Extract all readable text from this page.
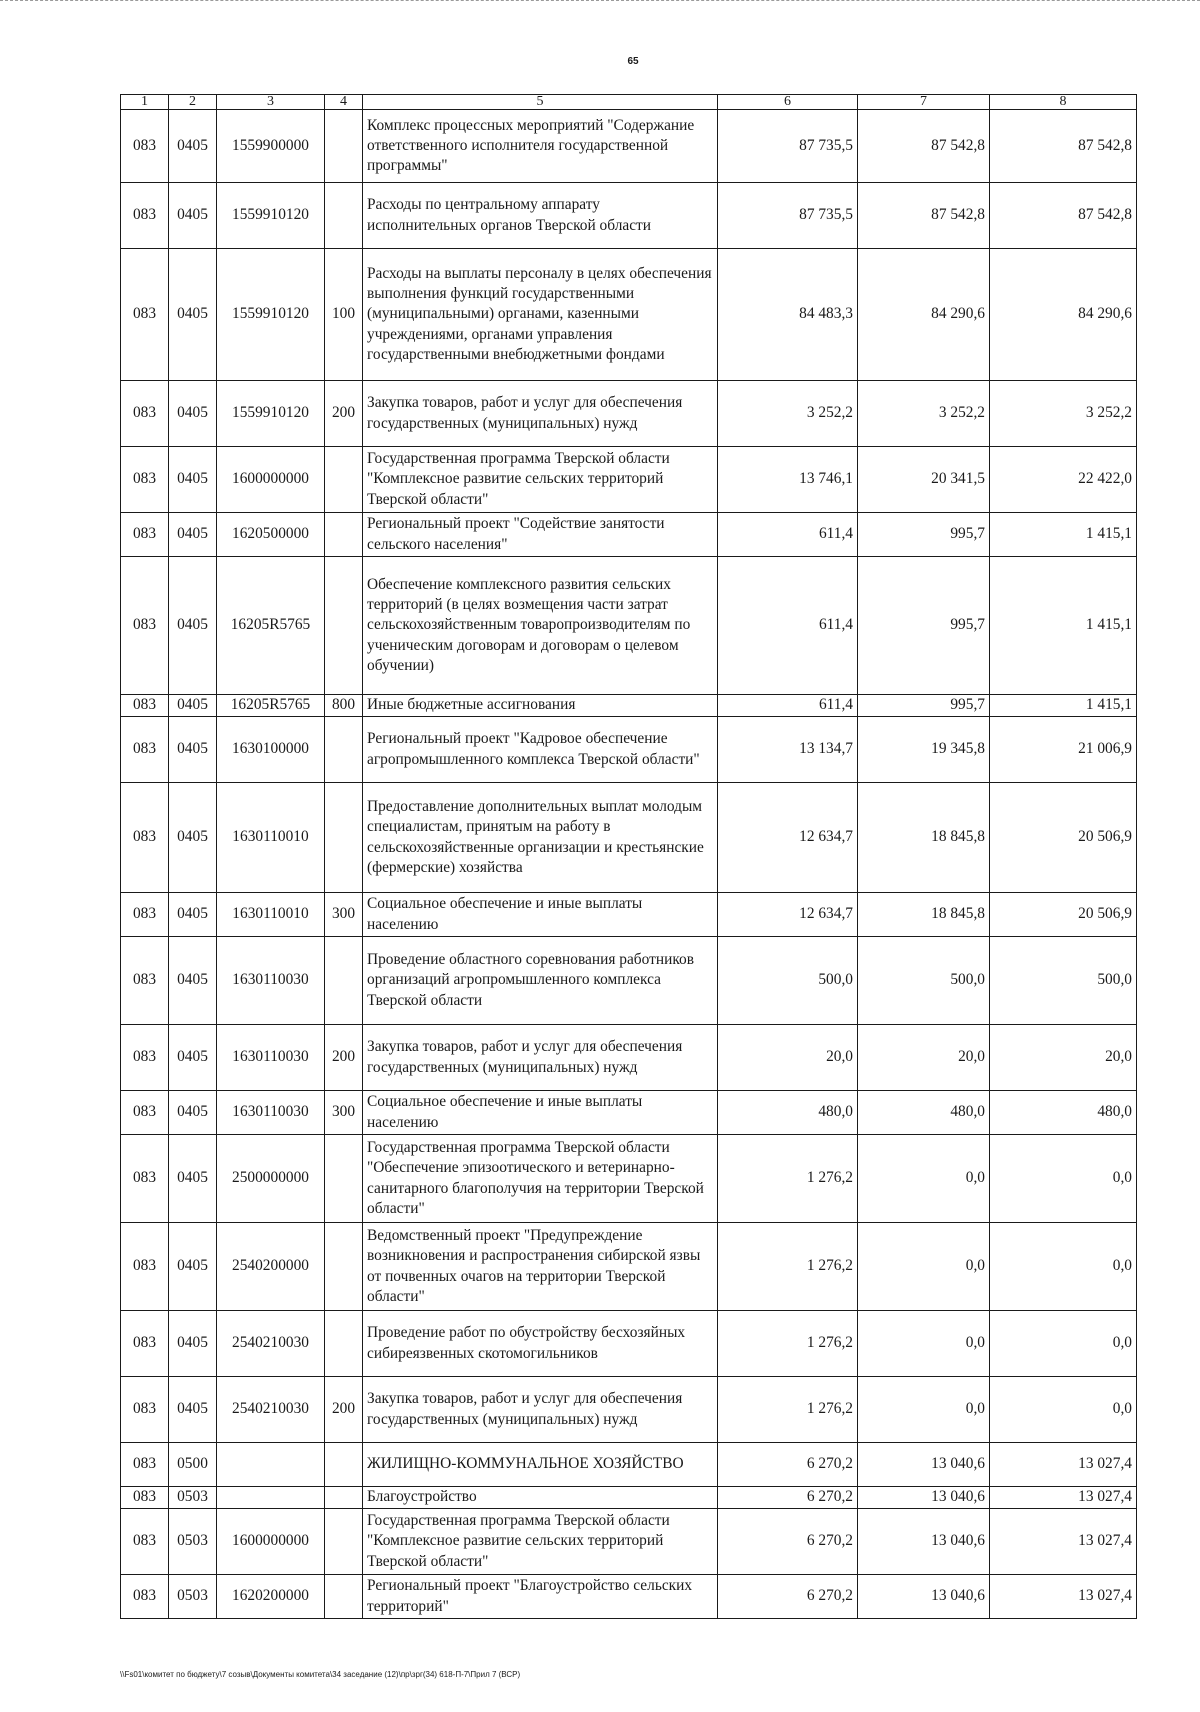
65
1	2	3	4	5	6	7	8
083	0405	1559900000		Комплекс процессных мероприятий "Содержание ответственного исполнителя государственной программы"	87 735,5	87 542,8	87 542,8
083	0405	1559910120		Расходы по центральному аппарату исполнительных органов Тверской области	87 735,5	87 542,8	87 542,8
083	0405	1559910120	100	Расходы на выплаты персоналу в целях обеспечения выполнения функций государственными (муниципальными) органами, казенными учреждениями, органами управления государственными внебюджетными фондами	84 483,3	84 290,6	84 290,6
083	0405	1559910120	200	Закупка товаров, работ и услуг для обеспечения государственных (муниципальных) нужд	3 252,2	3 252,2	3 252,2
083	0405	1600000000		Государственная программа Тверской области "Комплексное развитие сельских территорий Тверской области"	13 746,1	20 341,5	22 422,0
083	0405	1620500000		Региональный проект "Содействие занятости сельского населения"	611,4	995,7	1 415,1
083	0405	16205R5765		Обеспечение комплексного развития сельских территорий (в целях возмещения части затрат сельскохозяйственным товаропроизводителям по ученическим договорам и договорам о целевом обучении)	611,4	995,7	1 415,1
083	0405	16205R5765	800	Иные бюджетные ассигнования	611,4	995,7	1 415,1
083	0405	1630100000		Региональный проект "Кадровое обеспечение агропромышленного комплекса Тверской области"	13 134,7	19 345,8	21 006,9
083	0405	1630110010		Предоставление дополнительных выплат молодым специалистам, принятым на работу в сельскохозяйственные организации и крестьянские (фермерские) хозяйства	12 634,7	18 845,8	20 506,9
083	0405	1630110010	300	Социальное обеспечение и иные выплаты населению	12 634,7	18 845,8	20 506,9
083	0405	1630110030		Проведение областного соревнования работников организаций агропромышленного комплекса Тверской области	500,0	500,0	500,0
083	0405	1630110030	200	Закупка товаров, работ и услуг для обеспечения государственных (муниципальных) нужд	20,0	20,0	20,0
083	0405	1630110030	300	Социальное обеспечение и иные выплаты населению	480,0	480,0	480,0
083	0405	2500000000		Государственная программа Тверской области "Обеспечение эпизоотического и ветеринарно-санитарного благополучия на территории Тверской области"	1 276,2	0,0	0,0
083	0405	2540200000		Ведомственный проект "Предупреждение возникновения и распространения сибирской язвы от почвенных очагов на территории Тверской области"	1 276,2	0,0	0,0
083	0405	2540210030		Проведение работ по обустройству бесхозяйных сибиреязвенных скотомогильников	1 276,2	0,0	0,0
083	0405	2540210030	200	Закупка товаров, работ и услуг для обеспечения государственных (муниципальных) нужд	1 276,2	0,0	0,0
083	0500			ЖИЛИЩНО-КОММУНАЛЬНОЕ ХОЗЯЙСТВО	6 270,2	13 040,6	13 027,4
083	0503			Благоустройство	6 270,2	13 040,6	13 027,4
083	0503	1600000000		Государственная программа Тверской области "Комплексное развитие сельских территорий Тверской области"	6 270,2	13 040,6	13 027,4
083	0503	1620200000		Региональный проект "Благоустройство сельских территорий"	6 270,2	13 040,6	13 027,4
\\Fs01\комитет по бюджету\7 созыв\Документы комитета\34 заседание (12)\пр\зрг(34) 618-П-7\Прил 7 (ВСР)
